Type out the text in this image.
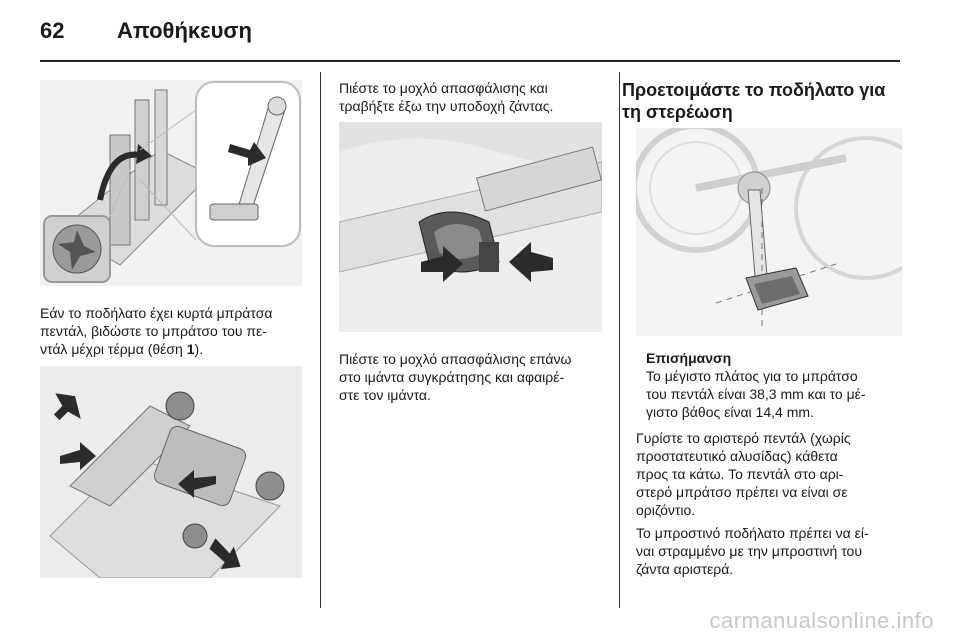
62 Αποθήκευση

Εάν το ποδήλατο έχει κυρτά μπράτσα

πεντάλ, βιδώστε το μπράτσο του πε-

ντάλ μέχρι τέρμα (θέση 1).

Πιέστε το μοχλό απασφάλισης και

τραβήξτε έξω την υποδοχή ζάντας.

Πιέστε το μοχλό απασφάλισης επάνω

στο ιμάντα συγκράτησης και αφαιρέ-

στε τον ιμάντα.

Προετοιμάστε το ποδήλατο για
τη στερέωση

Επισήμανση

Το μέγιστο πλάτος για το μπράτσο

του πεντάλ είναι 38,3 mm και το μέ-

γιστο βάθος είναι 14,4 mm.

Γυρίστε το αριστερό πεντάλ (χωρίς

προστατευτικό αλυσίδας) κάθετα

προς τα κάτω. Το πεντάλ στο αρι-

στερό μπράτσο πρέπει να είναι σε

οριζόντιο.

Το μπροστινό ποδήλατο πρέπει να εί-

ναι στραμμένο με την μπροστινή του

ζάντα αριστερά.

carmanualsonline.info
